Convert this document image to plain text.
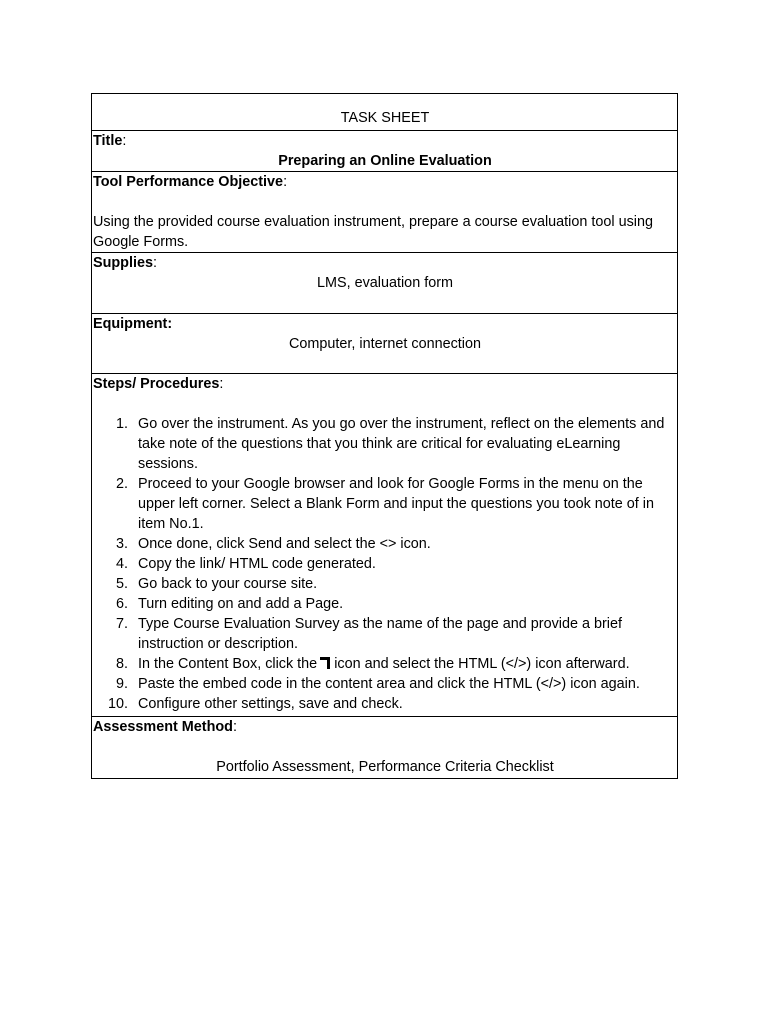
TASK SHEET
Title:
Preparing an Online Evaluation
Tool Performance Objective:
Using the provided course evaluation instrument, prepare a course evaluation tool using Google Forms.
Supplies:
LMS, evaluation form
Equipment:
Computer, internet connection
Steps/ Procedures:
1. Go over the instrument. As you go over the instrument, reflect on the elements and take note of the questions that you think are critical for evaluating eLearning sessions.
2. Proceed to your Google browser and look for Google Forms in the menu on the upper left corner. Select a Blank Form and input the questions you took note of in item No.1.
3. Once done, click Send and select the <> icon.
4. Copy the link/ HTML code generated.
5. Go back to your course site.
6. Turn editing on and add a Page.
7. Type Course Evaluation Survey as the name of the page and provide a brief instruction or description.
8. In the Content Box, click the icon and select the HTML (</>) icon afterward.
9. Paste the embed code in the content area and click the HTML (</>) icon again.
10. Configure other settings, save and check.
Assessment Method:
Portfolio Assessment, Performance Criteria Checklist
